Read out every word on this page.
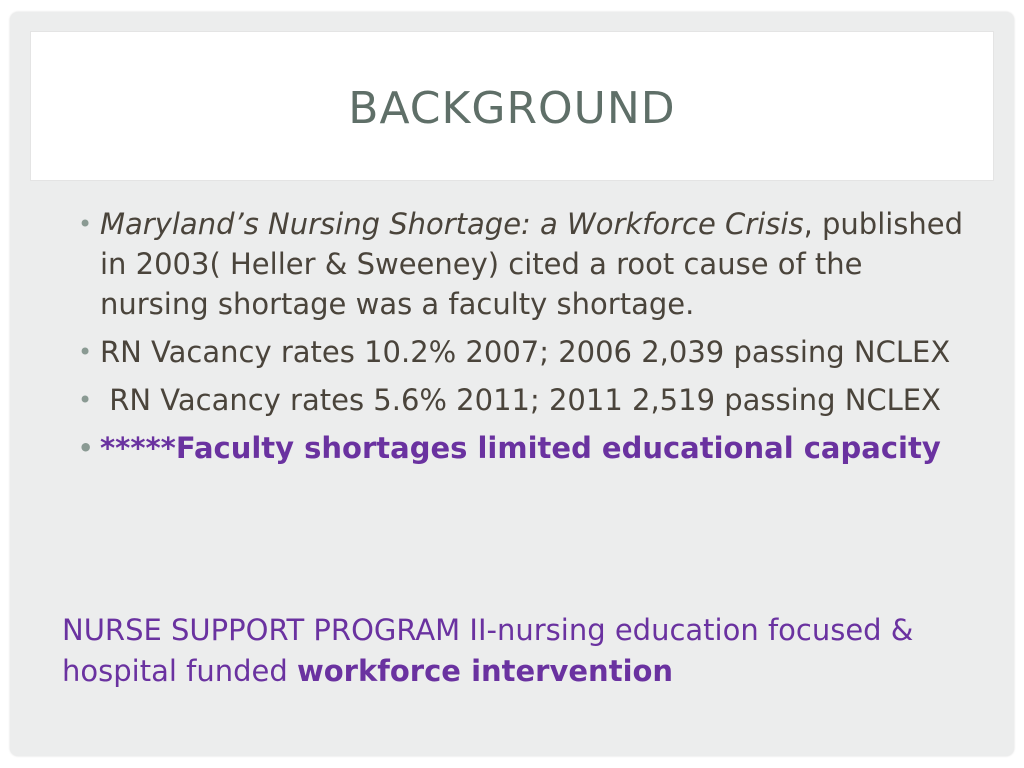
BACKGROUND
• Maryland’s Nursing Shortage: a Workforce Crisis, published in 2003( Heller & Sweeney) cited a root cause of the nursing shortage was a faculty shortage.
• RN Vacancy rates 10.2% 2007; 2006 2,039 passing NCLEX
• RN Vacancy rates 5.6% 2011; 2011 2,519 passing NCLEX
• *****Faculty shortages limited educational capacity

NURSE SUPPORT PROGRAM II-nursing education focused & hospital funded workforce intervention
